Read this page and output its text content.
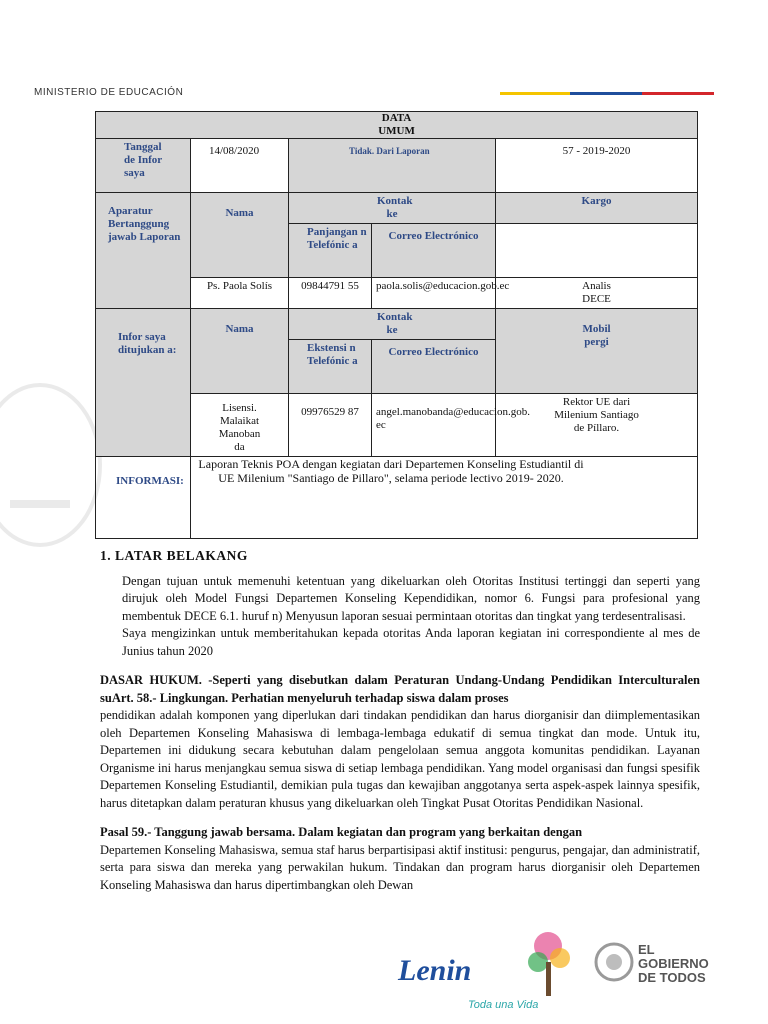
MINISTERIO DE EDUCACIÓN
DATA
UMUM				

Tanggal de Infor saya	14/08/2020	Tidak. Dari Laporan		57 - 2019-2020

Aparatur Bertanggung jawab Laporan	Nama	Kontak ke		Kargo

		Panjangan n Telefónic a	Correo Electrónico	
	Ps. Paola Solís	09844791 55	paola.solis@educacion.gob.ec	Analis DECE

Infor saya ditujukan a:	Nama	Kontak ke		Mobil pergi

		Ekstensi n Telefónic a	Correo Electrónico	

	Lisensi. Malaikat Manoban da	09976529 87	angel.manobanda@educacion.gob. ec	Rektor UE dari Milenium Santiago de Píllaro.

INFORMASI:	Laporan Teknis POA dengan kegiatan dari Departemen Konseling Estudiantil di UE Milenium "Santiago de Pillaro", selama periode lectivo 2019- 2020.			

1. LATAR BELAKANG

Dengan tujuan untuk memenuhi ketentuan yang dikeluarkan oleh Otoritas Institusi tertinggi dan seperti yang dirujuk oleh Model Fungsi Departemen Konseling Kependidikan, nomor 6. Fungsi para profesional yang membentuk DECE 6.1. huruf n) Menyusun laporan sesuai permintaan otoritas dan tingkat yang terdesentralisasi.

Saya mengizinkan untuk memberitahukan kepada otoritas Anda laporan kegiatan ini correspondiente al mes de Junius tahun 2020

DASAR HUKUM. -Seperti yang disebutkan dalam Peraturan Undang-Undang Pendidikan Interculturalen suArt. 58.- Lingkungan. Perhatian menyeluruh terhadap siswa dalam proses

pendidikan adalah komponen yang diperlukan dari tindakan pendidikan dan harus diorganisir dan diimplementasikan oleh Departemen Konseling Mahasiswa di lembaga-lembaga edukatif di semua tingkat dan mode. Untuk itu, Departemen ini didukung secara kebutuhan dalam pengelolaan semua anggota komunitas pendidikan. Layanan Organisme ini harus menjangkau semua siswa di setiap lembaga pendidikan. Yang model organisasi dan fungsi spesifik Departemen Konseling Estudiantil, demikian pula tugas dan kewajiban anggotanya serta aspek-aspek lainnya spesifik, harus ditetapkan dalam peraturan khusus yang dikeluarkan oleh Tingkat Pusat Otoritas Pendidikan Nasional.

Pasal 59.- Tanggung jawab bersama. Dalam kegiatan dan program yang berkaitan dengan

Departemen Konseling Mahasiswa, semua staf harus berpartisipasi aktif institusi: pengurus, pengajar, dan administratif, serta para siswa dan mereka yang perwakilan hukum. Tindakan dan program harus diorganisir oleh Departemen Konseling Mahasiswa dan harus dipertimbangkan oleh Dewan

Lenin
Toda una Vida
EL
GOBIERNO
DE TODOS
